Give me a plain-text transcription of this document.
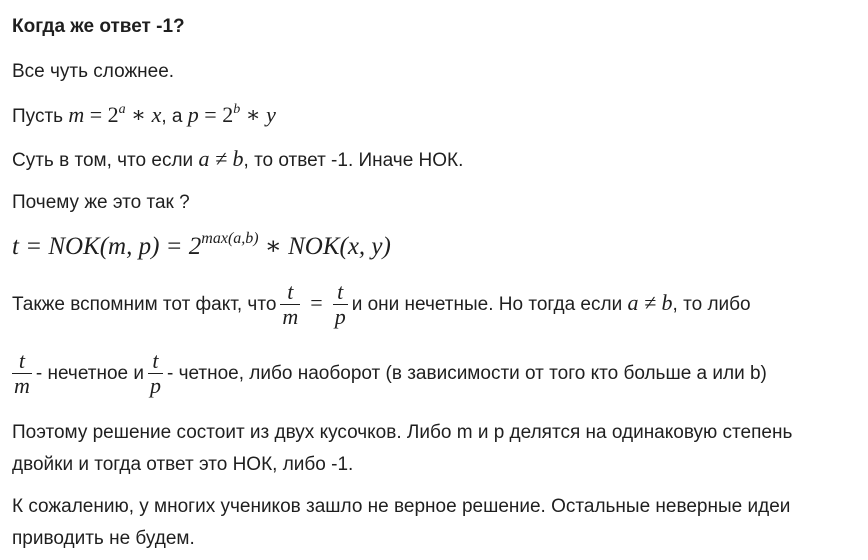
Когда же ответ -1?
Все чуть сложнее.
Пусть $m = 2^a$ ∗ x, а $p = 2^b$ ∗ y
Суть в том, что если a ≠ b, то ответ -1. Иначе НОК.
Почему же это так ?
t = NOK(m, $p) = 2^{max(a,b)}$ ∗ NOK(x, y)
Также вспомним тот факт, что $\frac{t}{m} = \frac{t}{p}$ и они нечетные. Но тогда если a ≠ b, то либо
$\frac{t}{m}$ - нечетное и $\frac{t}{p}$ - четное, либо наоборот (в зависимости от того кто больше a или b)
Поэтому решение состоит из двух кусочков. Либо m и p делятся на одинаковую степень
двойки и тогда ответ это НОК, либо -1.
К сожалению, у многих учеников зашло не верное решение. Остальные неверные идеи
приводить не будем.
